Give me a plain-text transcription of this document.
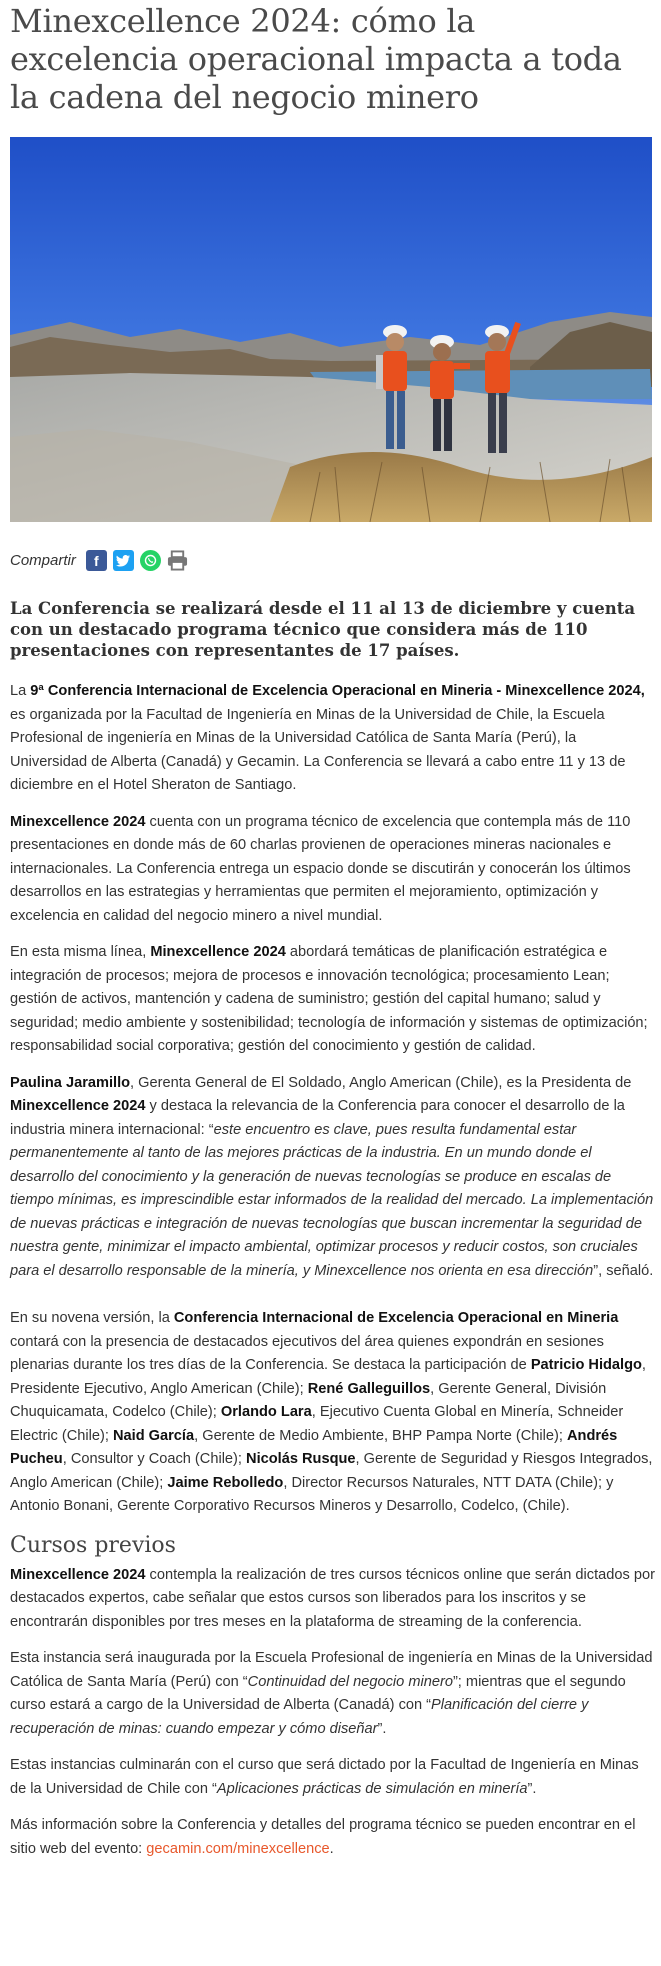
Minexcellence 2024: cómo la excelencia operacional impacta a toda la cadena del negocio minero
Compartir	f

La Conferencia se realizará desde el 11 al 13 de diciembre y cuenta con un destacado programa técnico que considera más de 110 presentaciones con representantes de 17 países.

La 9ª Conferencia Internacional de Excelencia Operacional en Mineria - Minexcellence 2024, es organizada por la Facultad de Ingeniería en Minas de la Universidad de Chile, la Escuela Profesional de ingeniería en Minas de la Universidad Católica de Santa María (Perú), la Universidad de Alberta (Canadá) y Gecamin. La Conferencia se llevará a cabo entre 11 y 13 de diciembre en el Hotel Sheraton de Santiago.

Minexcellence 2024 cuenta con un programa técnico de excelencia que contempla más de 110 presentaciones en donde más de 60 charlas provienen de operaciones mineras nacionales e internacionales. La Conferencia entrega un espacio donde se discutirán y conocerán los últimos desarrollos en las estrategias y herramientas que permiten el mejoramiento, optimización y excelencia en calidad del negocio minero a nivel mundial.

En esta misma línea, Minexcellence 2024 abordará temáticas de planificación estratégica e integración de procesos; mejora de procesos e innovación tecnológica; procesamiento Lean; gestión de activos, mantención y cadena de suministro; gestión del capital humano; salud y seguridad; medio ambiente y sostenibilidad; tecnología de información y sistemas de optimización; responsabilidad social corporativa; gestión del conocimiento y gestión de calidad.

Paulina Jaramillo, Gerenta General de El Soldado, Anglo American (Chile), es la Presidenta de Minexcellence 2024 y destaca la relevancia de la Conferencia para conocer el desarrollo de la industria minera internacional: “este encuentro es clave, pues resulta fundamental estar permanentemente al tanto de las mejores prácticas de la industria. En un mundo donde el desarrollo del conocimiento y la generación de nuevas tecnologías se produce en escalas de tiempo mínimas, es imprescindible estar informados de la realidad del mercado. La implementación de nuevas prácticas e integración de nuevas tecnologías que buscan incrementar la seguridad de nuestra gente, minimizar el impacto ambiental, optimizar procesos y reducir costos, son cruciales para el desarrollo responsable de la minería, y Minexcellence nos orienta en esa dirección”, señaló.

En su novena versión, la Conferencia Internacional de Excelencia Operacional en Mineria contará con la presencia de destacados ejecutivos del área quienes expondrán en sesiones plenarias durante los tres días de la Conferencia. Se destaca la participación de Patricio Hidalgo, Presidente Ejecutivo, Anglo American (Chile); René Galleguillos, Gerente General, División Chuquicamata, Codelco (Chile); Orlando Lara, Ejecutivo Cuenta Global en Minería, Schneider Electric (Chile); Naid García, Gerente de Medio Ambiente, BHP Pampa Norte (Chile); Andrés Pucheu, Consultor y Coach (Chile); Nicolás Rusque, Gerente de Seguridad y Riesgos Integrados, Anglo American (Chile); Jaime Rebolledo, Director Recursos Naturales, NTT DATA (Chile); y Antonio Bonani, Gerente Corporativo Recursos Mineros y Desarrollo, Codelco, (Chile).

Cursos previos

Minexcellence 2024 contempla la realización de tres cursos técnicos online que serán dictados por destacados expertos, cabe señalar que estos cursos son liberados para los inscritos y se encontrarán disponibles por tres meses en la plataforma de streaming de la conferencia.

Esta instancia será inaugurada por la Escuela Profesional de ingeniería en Minas de la Universidad Católica de Santa María (Perú) con “Continuidad del negocio minero”; mientras que el segundo curso estará a cargo de la Universidad de Alberta (Canadá) con “Planificación del cierre y recuperación de minas: cuando empezar y cómo diseñar”.

Estas instancias culminarán con el curso que será dictado por la Facultad de Ingeniería en Minas de la Universidad de Chile con “Aplicaciones prácticas de simulación en minería”.

Más información sobre la Conferencia y detalles del programa técnico se pueden encontrar en el sitio web del evento: gecamin.com/minexcellence.
